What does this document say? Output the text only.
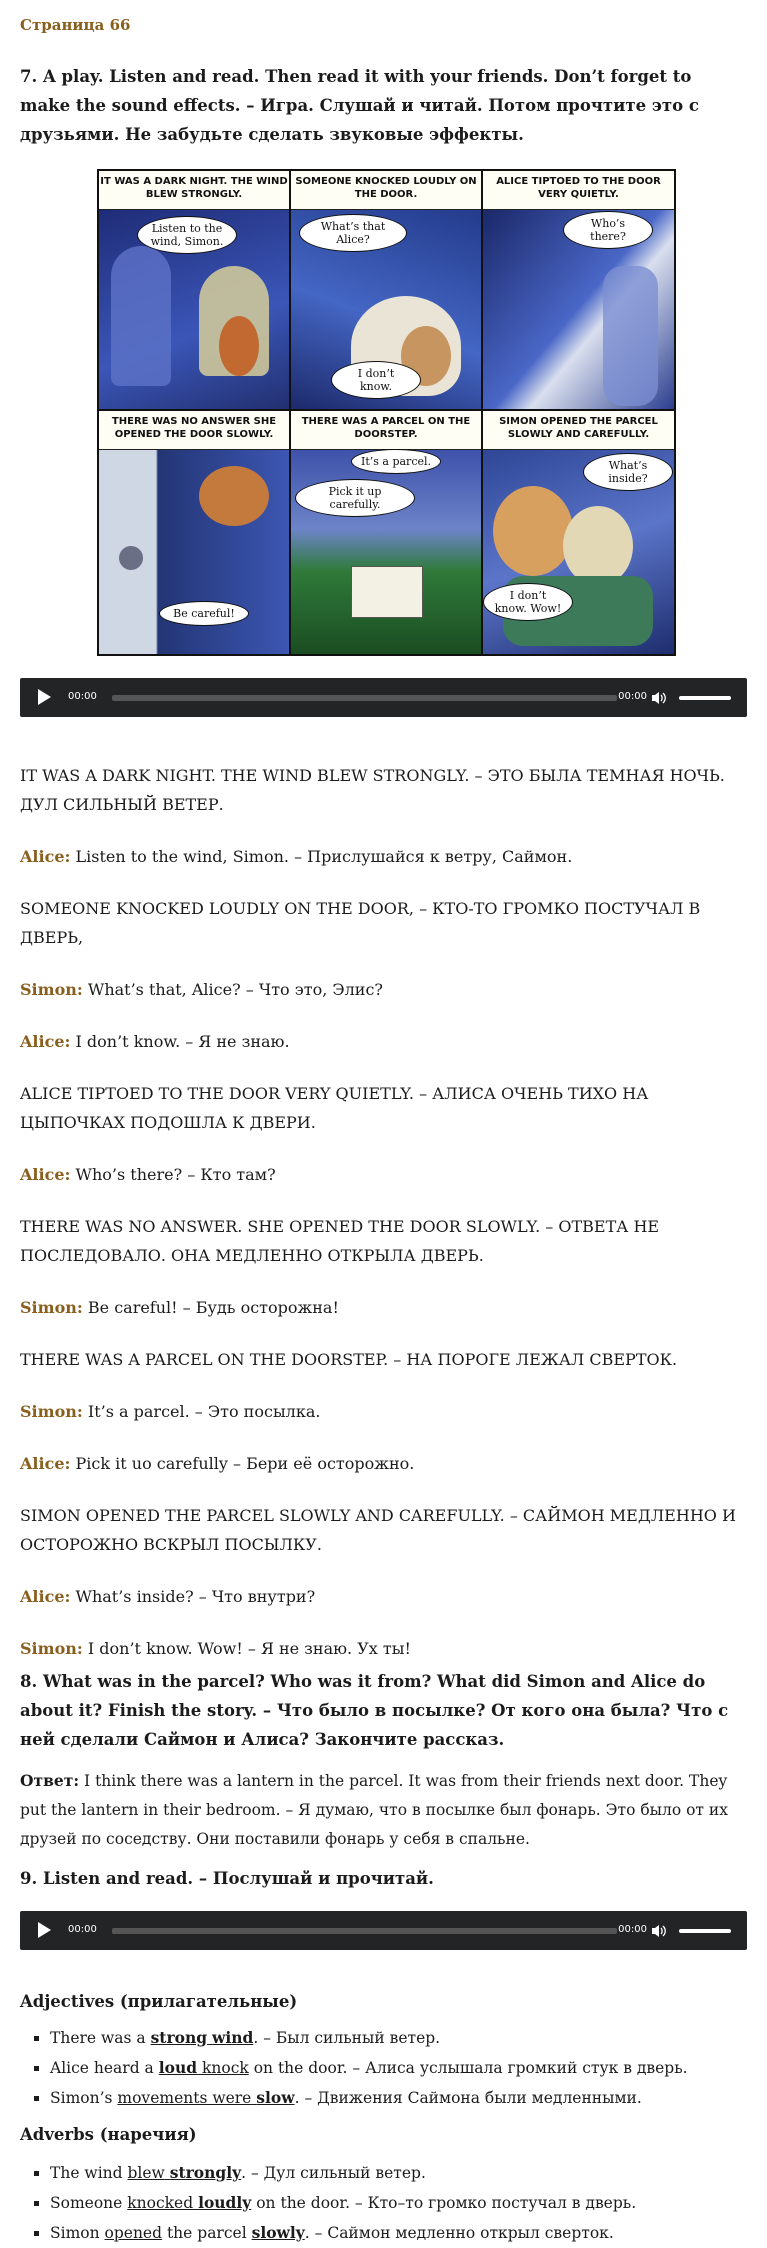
Страница 66

7. A play. Listen and read. Then read it with your friends. Don’t forget to make the sound effects. – Игра. Слушай и читай. Потом прочтите это с друзьями. Не забудьте сделать звуковые эффекты.

IT WAS A DARK NIGHT. THE WIND BLEW STRONGLY.
Listen to the wind, Simon.
SOMEONE KNOCKED LOUDLY ON THE DOOR.
What’s that Alice?
I don’t know.
ALICE TIPTOED TO THE DOOR VERY QUIETLY.
Who’s there?
THERE WAS NO ANSWER SHE OPENED THE DOOR SLOWLY.
Be careful!
THERE WAS A PARCEL ON THE DOORSTEP.
It’s a parcel.
Pick it up carefully.
SIMON OPENED THE PARCEL SLOWLY AND CAREFULLY.
What’s inside?
I don’t know. Wow!
00:00	00:00

IT WAS A DARK NIGHT. THE WIND BLEW STRONGLY. – ЭТО БЫЛА ТЕМНАЯ НОЧЬ. ДУЛ СИЛЬНЫЙ ВЕТЕР.

Alice: Listen to the wind, Simon. – Прислушайся к ветру, Саймон.

SOMEONE KNOCKED LOUDLY ON THE DOOR, – КТО-ТО ГРОМКО ПОСТУЧАЛ В ДВЕРЬ,

Simon: What’s that, Alice? – Что это, Элис?

Alice: I don’t know. – Я не знаю.

ALICE TIPTOED TO THE DOOR VERY QUIETLY. – АЛИСА ОЧЕНЬ ТИХО НА ЦЫПОЧКАХ ПОДОШЛА К ДВЕРИ.

Alice: Who’s there? – Кто там?

THERE WAS NO ANSWER. SHE OPENED THE DOOR SLOWLY. – ОТВЕТА НЕ ПОСЛЕДОВАЛО. ОНА МЕДЛЕННО ОТКРЫЛА ДВЕРЬ.

Simon: Be careful! – Будь осторожна!

THERE WAS A PARCEL ON THE DOORSTEP. – НА ПОРОГЕ ЛЕЖАЛ СВЕРТОК.

Simon: It’s a parcel. – Это посылка.

Alice: Pick it uo carefully – Бери её осторожно.

SIMON OPENED THE PARCEL SLOWLY AND CAREFULLY. – САЙМОН МЕДЛЕННО И ОСТОРОЖНО ВСКРЫЛ ПОСЫЛКУ.

Alice: What’s inside? – Что внутри?

Simon: I don’t know. Wow! – Я не знаю. Ух ты!

8. What was in the parcel? Who was it from? What did Simon and Alice do about it? Finish the story. – Что было в посылке? От кого она была? Что с ней сделали Саймон и Алиса? Закончите рассказ.

Ответ: I think there was a lantern in the parcel. It was from their friends next door. They put the lantern in their bedroom. – Я думаю, что в посылке был фонарь. Это было от их друзей по соседству. Они поставили фонарь у себя в спальне.

9. Listen and read. – Послушай и прочитай.

00:00	00:00

Adjectives (прилагательные)

▪ There was a strong wind. – Был сильный ветер.
▪ Alice heard a loud knock on the door. – Алиса услышала громкий стук в дверь.
▪ Simon’s movements were slow. – Движения Саймона были медленными.

Adverbs (наречия)

▪ The wind blew strongly. – Дул сильный ветер.
▪ Someone knocked loudly on the door. – Кто–то громко постучал в дверь.
▪ Simon opened the parcel slowly. – Саймон медленно открыл сверток.
